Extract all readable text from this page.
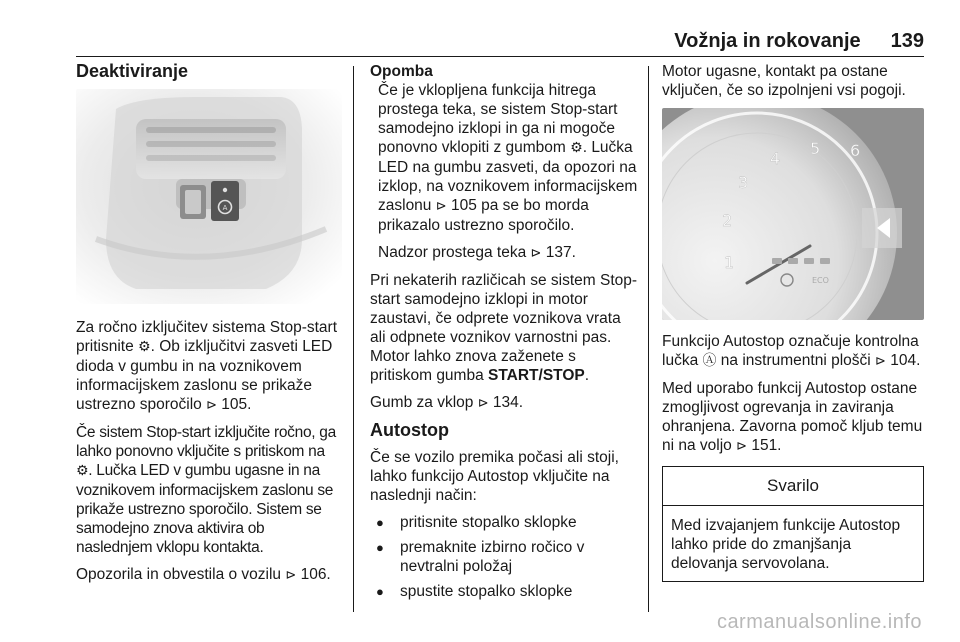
Vožnja in rokovanje 139
Deaktiviranje
A

Za ročno izključitev sistema Stop-start pritisnite ⚙. Ob izključitvi zasveti LED dioda v gumbu in na voznikovem informacijskem zaslonu se prikaže ustrezno sporočilo ⊳ 105.

Če sistem Stop-start izključite ročno, ga lahko ponovno vključite s pritiskom na ⚙. Lučka LED v gumbu ugasne in na voznikovem informacijskem zaslonu se prikaže ustrezno sporočilo. Sistem se samodejno znova aktivira ob naslednjem vklopu kontakta.

Opozorila in obvestila o vozilu ⊳ 106.

Opomba

Če je vklopljena funkcija hitrega prostega teka, se sistem Stop-start samodejno izklopi in ga ni mogoče ponovno vklopiti z gumbom ⚙. Lučka LED na gumbu zasveti, da opozori na izklop, na voznikovem informacijskem zaslonu ⊳ 105 pa se bo morda prikazalo ustrezno sporočilo.

Nadzor prostega teka ⊳ 137.

Pri nekaterih različicah se sistem Stop-start samodejno izklopi in motor zaustavi, če odprete voznikova vrata ali odpnete voznikov varnostni pas. Motor lahko znova zaženete s pritiskom gumba START/STOP.

Gumb za vklop ⊳ 134.

Autostop

Če se vozilo premika počasi ali stoji, lahko funkcijo Autostop vključite na naslednji način:

● pritisnite stopalko sklopke
● premaknite izbirno ročico v nevtralni položaj
● spustite stopalko sklopke

Motor ugasne, kontakt pa ostane vključen, če so izpolnjeni vsi pogoji.

1
2
3
4
5 6
ECO

Funkcijo Autostop označuje kontrolna lučka Ⓐ na instrumentni plošči ⊳ 104.

Med uporabo funkcij Autostop ostane zmogljivost ogrevanja in zaviranja ohranjena. Zavorna pomoč kljub temu ni na voljo ⊳ 151.

Svarilo
Med izvajanjem funkcije Autostop lahko pride do zmanjšanja delovanja servovolana.
carmanualsonline.info
